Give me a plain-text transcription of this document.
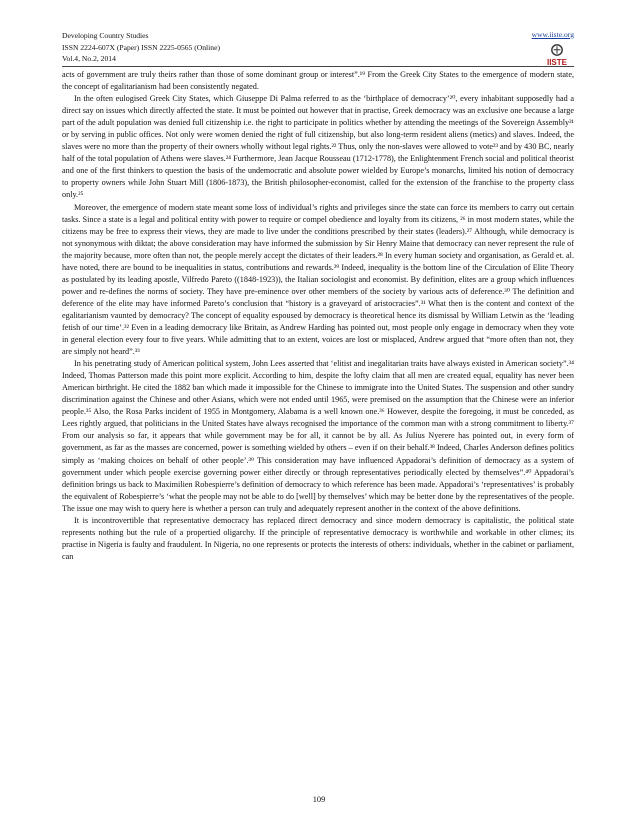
Developing Country Studies
ISSN 2224-607X (Paper) ISSN 2225-0565 (Online)
Vol.4, No.2, 2014
www.iiste.org
IISTE

acts of government are truly theirs rather than those of some dominant group or interest”.¹⁹ From the Greek City States to the emergence of modern state, the concept of egalitarianism had been consistently negated.

In the often eulogised Greek City States, which Giuseppe Di Palma referred to as the ‘birthplace of democracy’²⁰, every inhabitant supposedly had a direct say on issues which directly affected the state. It must be pointed out however that in practise, Greek democracy was an exclusive one because a large part of the adult population was denied full citizenship i.e. the right to participate in politics whether by attending the meetings of the Sovereign Assembly²¹ or by serving in public offices. Not only were women denied the right of full citizenship, but also long-term resident aliens (metics) and slaves. Indeed, the slaves were no more than the property of their owners wholly without legal rights.²² Thus, only the non-slaves were allowed to vote²³ and by 430 BC, nearly half of the total population of Athens were slaves.²⁴ Furthermore, Jean Jacque Rousseau (1712-1778), the Enlightenment French social and political theorist and one of the first thinkers to question the basis of the undemocratic and absolute power wielded by Europe’s monarchs, limited his notion of democracy to property owners while John Stuart Mill (1806-1873), the British philosopher-economist, called for the extension of the franchise to the property class only.²⁵

Moreover, the emergence of modern state meant some loss of individual’s rights and privileges since the state can force its members to carry out certain tasks. Since a state is a legal and political entity with power to require or compel obedience and loyalty from its citizens, ²⁶ in most modern states, while the citizens may be free to express their views, they are made to live under the conditions prescribed by their states (leaders).²⁷ Although, while democracy is not synonymous with diktat; the above consideration may have informed the submission by Sir Henry Maine that democracy can never represent the rule of the majority because, more often than not, the people merely accept the dictates of their leaders.²⁸ In every human society and organisation, as Gerald et. al. have noted, there are bound to be inequalities in status, contributions and rewards.²⁹ Indeed, inequality is the bottom line of the Circulation of Elite Theory as postulated by its leading apostle, Vilfredo Pareto ((1848-1923)), the Italian sociologist and economist. By definition, elites are a group which influences power and re-defines the norms of society. They have pre-eminence over other members of the society by various acts of deference.³⁰ The definition and deference of the elite may have informed Pareto’s conclusion that “history is a graveyard of aristocracies”.³¹ What then is the content and context of the egalitarianism vaunted by democracy? The concept of equality espoused by democracy is theoretical hence its dismissal by William Letwin as the ‘leading fetish of our time’.³² Even in a leading democracy like Britain, as Andrew Harding has pointed out, most people only engage in democracy when they vote in general election every four to five years. While admitting that to an extent, voices are lost or misplaced, Andrew argued that “more often than not, they are simply not heard”.³³

In his penetrating study of American political system, John Lees asserted that ‘elitist and inegalitarian traits have always existed in American society”.³⁴ Indeed, Thomas Patterson made this point more explicit. According to him, despite the lofty claim that all men are created equal, equality has never been American birthright. He cited the 1882 ban which made it impossible for the Chinese to immigrate into the United States. The suspension and other sundry discrimination against the Chinese and other Asians, which were not ended until 1965, were premised on the assumption that the Chinese were an inferior people.³⁵ Also, the Rosa Parks incident of 1955 in Montgomery, Alabama is a well known one.³⁶ However, despite the foregoing, it must be conceded, as Lees rightly argued, that politicians in the United States have always recognised the importance of the common man with a strong commitment to liberty.³⁷ From our analysis so far, it appears that while government may be for all, it cannot be by all. As Julius Nyerere has pointed out, in every form of government, as far as the masses are concerned, power is something wielded by others – even if on their behalf.³⁸ Indeed, Charles Anderson defines politics simply as ‘making choices on behalf of other people’.³⁹ This consideration may have influenced Appadorai’s definition of democracy as a system of government under which people exercise governing power either directly or through representatives periodically elected by themselves”.⁴⁰ Appadorai’s definition brings us back to Maximilien Robespierre’s definition of democracy to which reference has been made. Appadorai’s ‘representatives’ is probably the equivalent of Robespierre’s ‘what the people may not be able to do [well] by themselves’ which may be better done by the representatives of the people. The issue one may wish to query here is whether a person can truly and adequately represent another in the context of the above definitions.

It is incontrovertible that representative democracy has replaced direct democracy and since modern democracy is capitalistic, the political state represents nothing but the rule of a propertied oligarchy. If the principle of representative democracy is worthwhile and workable in other climes; its practise in Nigeria is faulty and fraudulent. In Nigeria, no one represents or protects the interests of others: individuals, whether in the cabinet or parliament, can

109
